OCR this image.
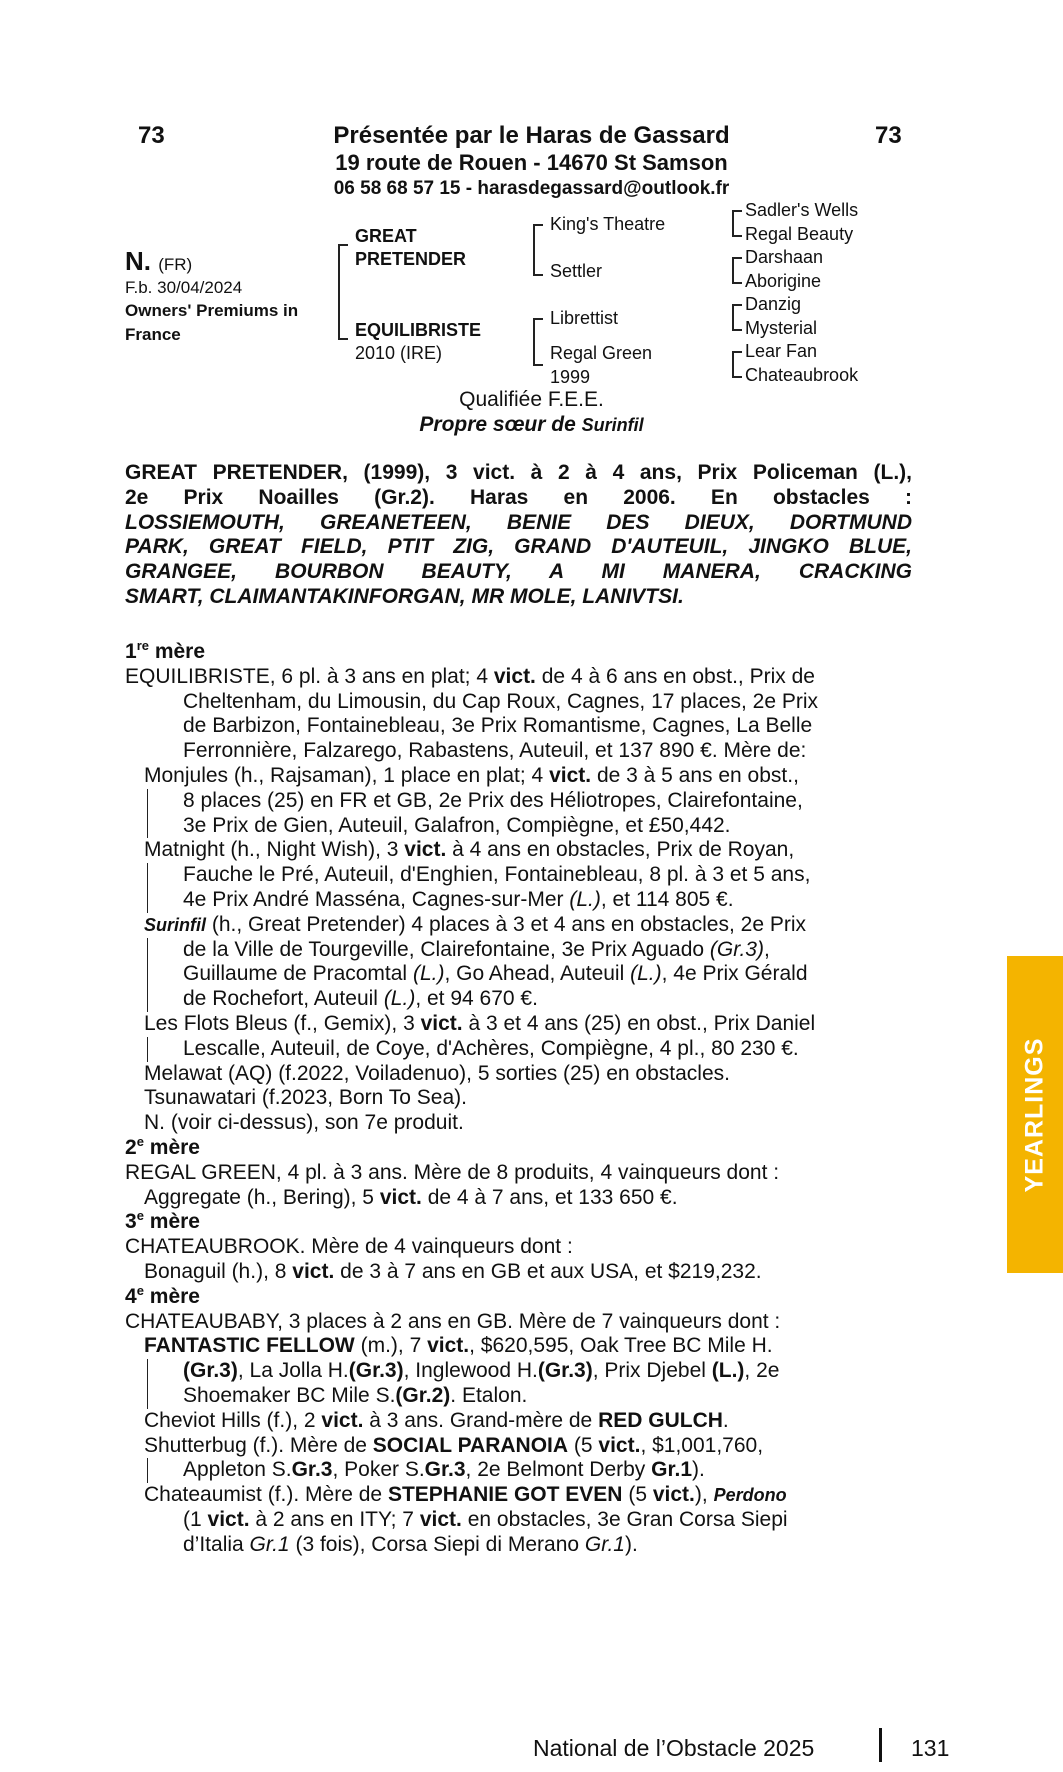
73	73
Présentée par le Haras de Gassard
19 route de Rouen - 14670 St Samson
06 58 68 57 15 - harasdegassard@outlook.fr
N. (FR)
F.b. 30/04/2024
Owners' Premiums in
France
GREAT
PRETENDER
EQUILIBRISTE
2010 (IRE)
King's Theatre
Settler
Librettist
Regal Green
1999
Sadler's Wells
Regal Beauty
Darshaan
Aborigine
Danzig
Mysterial
Lear Fan
Chateaubrook
Qualifiée F.E.E.
Propre sœur de Surinfil
GREAT PRETENDER, (1999), 3 vict. à 2 à 4 ans, Prix Policeman (L.),
2e Prix Noailles (Gr.2). Haras en 2006. En obstacles :
LOSSIEMOUTH, GREANETEEN, BENIE DES DIEUX, DORTMUND
PARK, GREAT FIELD, PTIT ZIG, GRAND D'AUTEUIL, JINGKO BLUE,
GRANGEE, BOURBON BEAUTY, A MI MANERA, CRACKING
SMART, CLAIMANTAKINFORGAN, MR MOLE, LANIVTSI.
1re mère
EQUILIBRISTE, 6 pl. à 3 ans en plat; 4 vict. de 4 à 6 ans en obst., Prix de
Cheltenham, du Limousin, du Cap Roux, Cagnes, 17 places, 2e Prix
de Barbizon, Fontainebleau, 3e Prix Romantisme, Cagnes, La Belle
Ferronnière, Falzarego, Rabastens, Auteuil, et 137 890 €. Mère de:
Monjules (h., Rajsaman), 1 place en plat; 4 vict. de 3 à 5 ans en obst.,
8 places (25) en FR et GB, 2e Prix des Héliotropes, Clairefontaine,
3e Prix de Gien, Auteuil, Galafron, Compiègne, et £50,442.
Matnight (h., Night Wish), 3 vict. à 4 ans en obstacles, Prix de Royan,
Fauche le Pré, Auteuil, d'Enghien, Fontainebleau, 8 pl. à 3 et 5 ans,
4e Prix André Masséna, Cagnes-sur-Mer (L.), et 114 805 €.
Surinfil (h., Great Pretender) 4 places à 3 et 4 ans en obstacles, 2e Prix
de la Ville de Tourgeville, Clairefontaine, 3e Prix Aguado (Gr.3),
Guillaume de Pracomtal (L.), Go Ahead, Auteuil (L.), 4e Prix Gérald
de Rochefort, Auteuil (L.), et 94 670 €.
Les Flots Bleus (f., Gemix), 3 vict. à 3 et 4 ans (25) en obst., Prix Daniel
Lescalle, Auteuil, de Coye, d'Achères, Compiègne, 4 pl., 80 230 €.
Melawat (AQ) (f.2022, Voiladenuo), 5 sorties (25) en obstacles.
Tsunawatari (f.2023, Born To Sea).
N. (voir ci-dessus), son 7e produit.
2e mère
REGAL GREEN, 4 pl. à 3 ans. Mère de 8 produits, 4 vainqueurs dont :
Aggregate (h., Bering), 5 vict. de 4 à 7 ans, et 133 650 €.
3e mère
CHATEAUBROOK. Mère de 4 vainqueurs dont :
Bonaguil (h.), 8 vict. de 3 à 7 ans en GB et aux USA, et $219,232.
4e mère
CHATEAUBABY, 3 places à 2 ans en GB. Mère de 7 vainqueurs dont :
FANTASTIC FELLOW (m.), 7 vict., $620,595, Oak Tree BC Mile H.
(Gr.3), La Jolla H.(Gr.3), Inglewood H.(Gr.3), Prix Djebel (L.), 2e
Shoemaker BC Mile S.(Gr.2). Etalon.
Cheviot Hills (f.), 2 vict. à 3 ans. Grand-mère de RED GULCH.
Shutterbug (f.). Mère de SOCIAL PARANOIA (5 vict., $1,001,760,
Appleton S.Gr.3, Poker S.Gr.3, 2e Belmont Derby Gr.1).
Chateaumist (f.). Mère de STEPHANIE GOT EVEN (5 vict.), Perdono
(1 vict. à 2 ans en ITY; 7 vict. en obstacles, 3e Gran Corsa Siepi
d’Italia Gr.1 (3 fois), Corsa Siepi di Merano Gr.1).
YEARLINGS
National de l’Obstacle 2025	131
